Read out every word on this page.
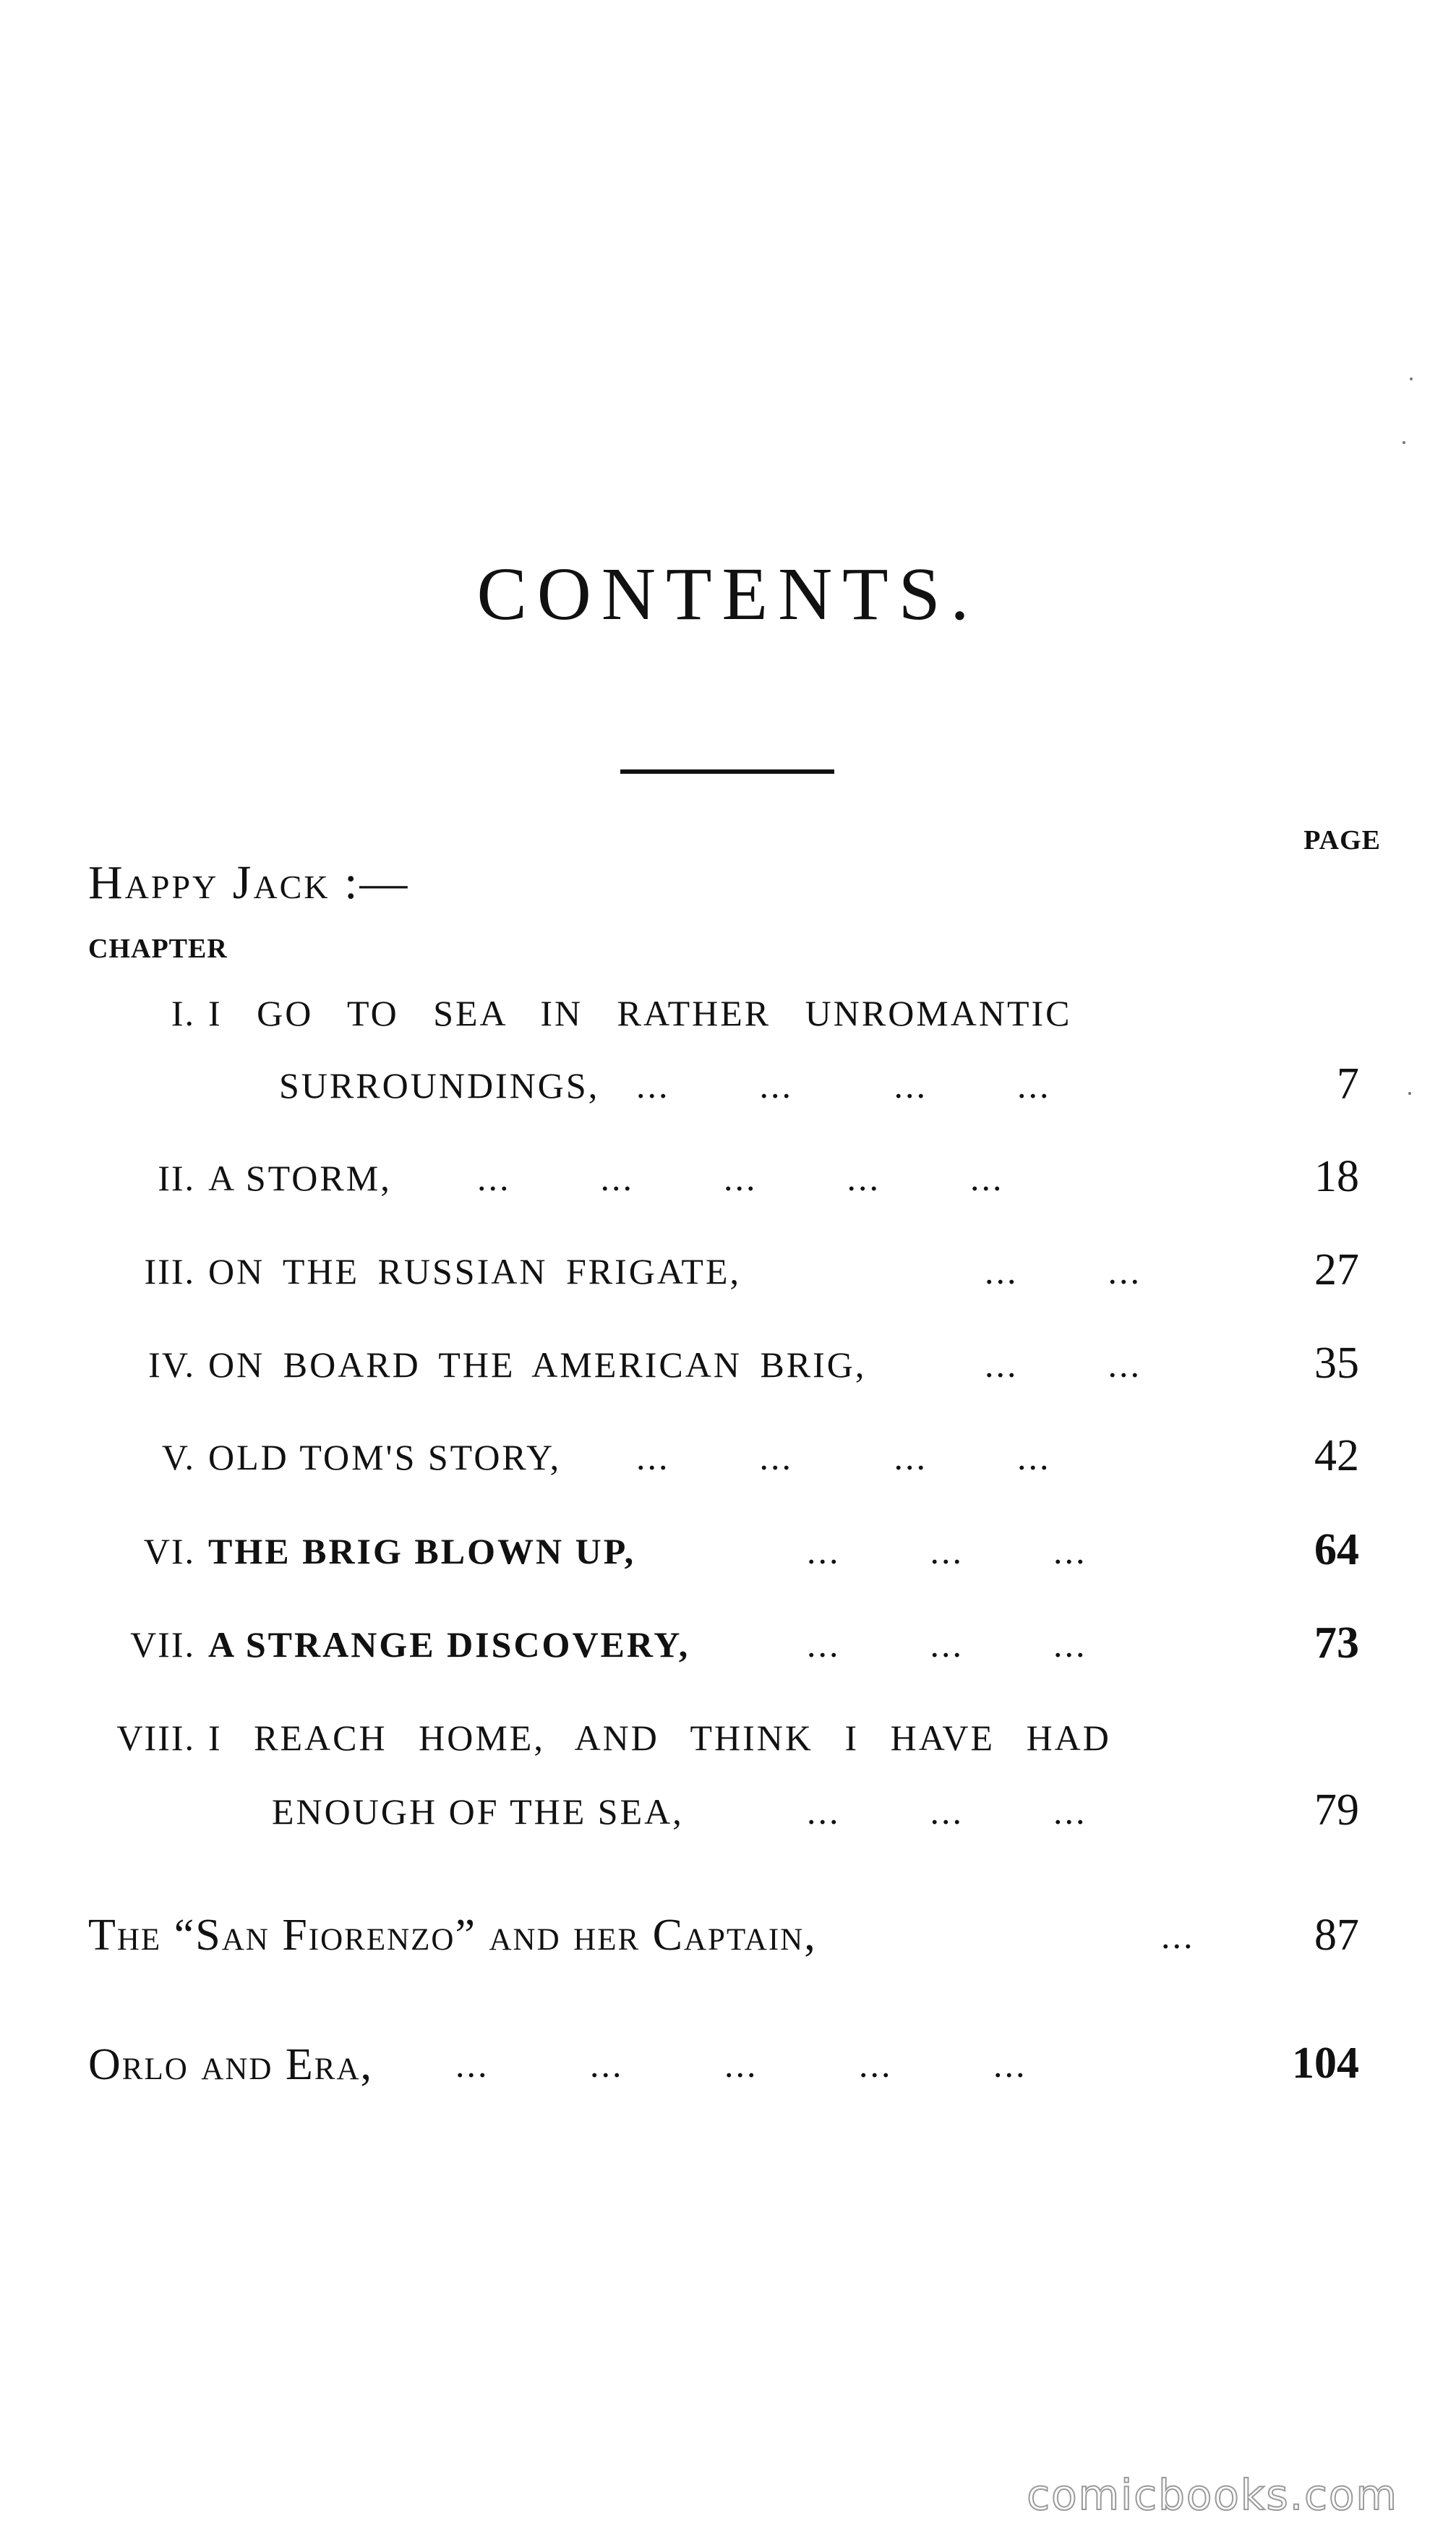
CONTENTS.
PAGE
Happy Jack :—
CHAPTER
I. I GO TO SEA IN RATHER UNROMANTIC
SURROUNDINGS, ...        ...         ...        ...	7
II. A STORM, ...        ...        ...        ...        ...	18
III. ON THE RUSSIAN FRIGATE,	...        ...	27
IV. ON BOARD THE AMERICAN BRIG,	...        ...	35
V. OLD TOM'S STORY, ...        ...         ...        ...	42
VI. THE BRIG BLOWN UP,	...        ...        ...	64
VII. A STRANGE DISCOVERY,	...        ...        ...	73
VIII. I REACH HOME, AND THINK I HAVE HAD
ENOUGH OF THE SEA,	...        ...        ...	79
The “San Fiorenzo” and her Captain,	...	87
Orlo and Era, ...         ...         ...         ...         ...	104
comicbooks.com
